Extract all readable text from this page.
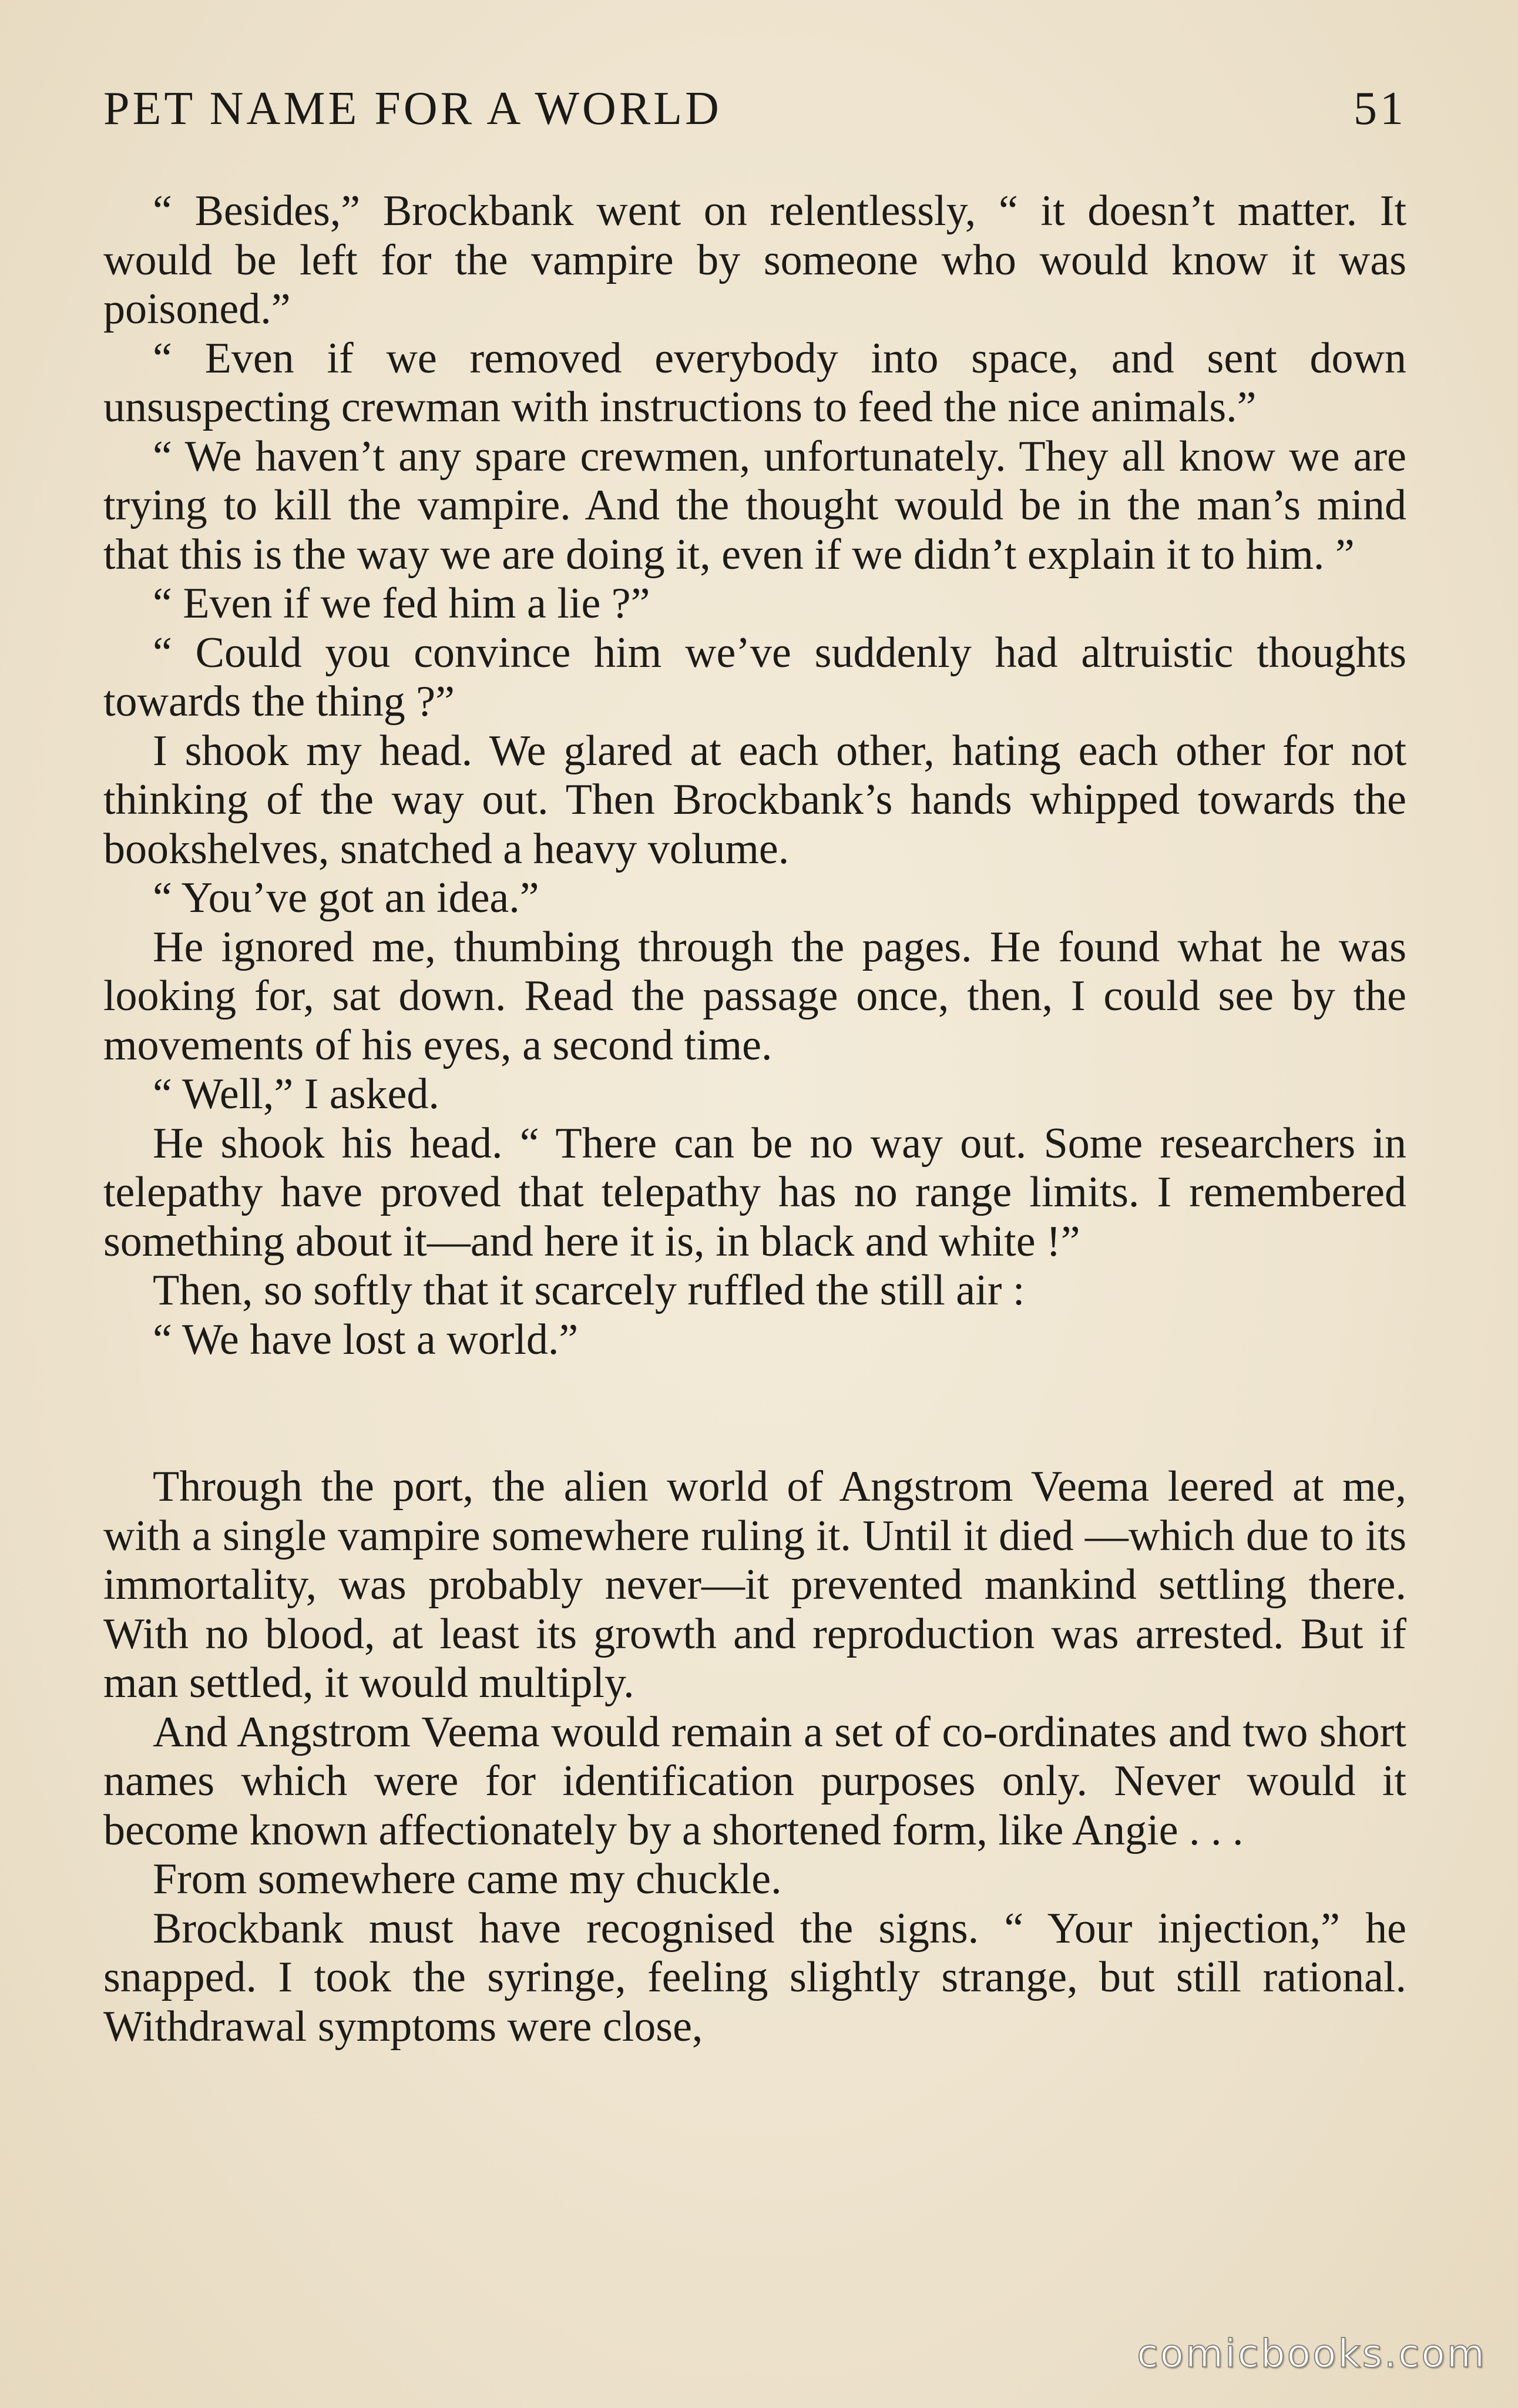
PET NAME FOR A WORLD	51

“ Besides,” Brockbank went on relentlessly, “ it doesn’t matter. It would be left for the vampire by someone who would know it was poisoned.”

“ Even if we removed everybody into space, and sent down unsuspecting crewman with instructions to feed the nice animals.”

“ We haven’t any spare crewmen, unfortunately. They all know we are trying to kill the vampire. And the thought would be in the man’s mind that this is the way we are doing it, even if we didn’t explain it to him. ”

“ Even if we fed him a lie ?”

“ Could you convince him we’ve suddenly had altruistic thoughts towards the thing ?”

I shook my head. We glared at each other, hating each other for not thinking of the way out. Then Brockbank’s hands whipped towards the bookshelves, snatched a heavy volume.

“ You’ve got an idea.”

He ignored me, thumbing through the pages. He found what he was looking for, sat down. Read the passage once, then, I could see by the movements of his eyes, a second time.

“ Well,” I asked.

He shook his head. “ There can be no way out. Some researchers in telepathy have proved that telepathy has no range limits. I remembered something about it—and here it is, in black and white !”

Then, so softly that it scarcely ruffled the still air :

“ We have lost a world.”

Through the port, the alien world of Angstrom Veema leered at me, with a single vampire somewhere ruling it. Until it died —which due to its immortality, was probably never—it prevented mankind settling there. With no blood, at least its growth and reproduction was arrested. But if man settled, it would multiply.

And Angstrom Veema would remain a set of co-ordinates and two short names which were for identification purposes only. Never would it become known affectionately by a shortened form, like Angie . . .

From somewhere came my chuckle.

Brockbank must have recognised the signs. “ Your injection,” he snapped. I took the syringe, feeling slightly strange, but still rational. Withdrawal symptoms were close,

comicbooks.com
